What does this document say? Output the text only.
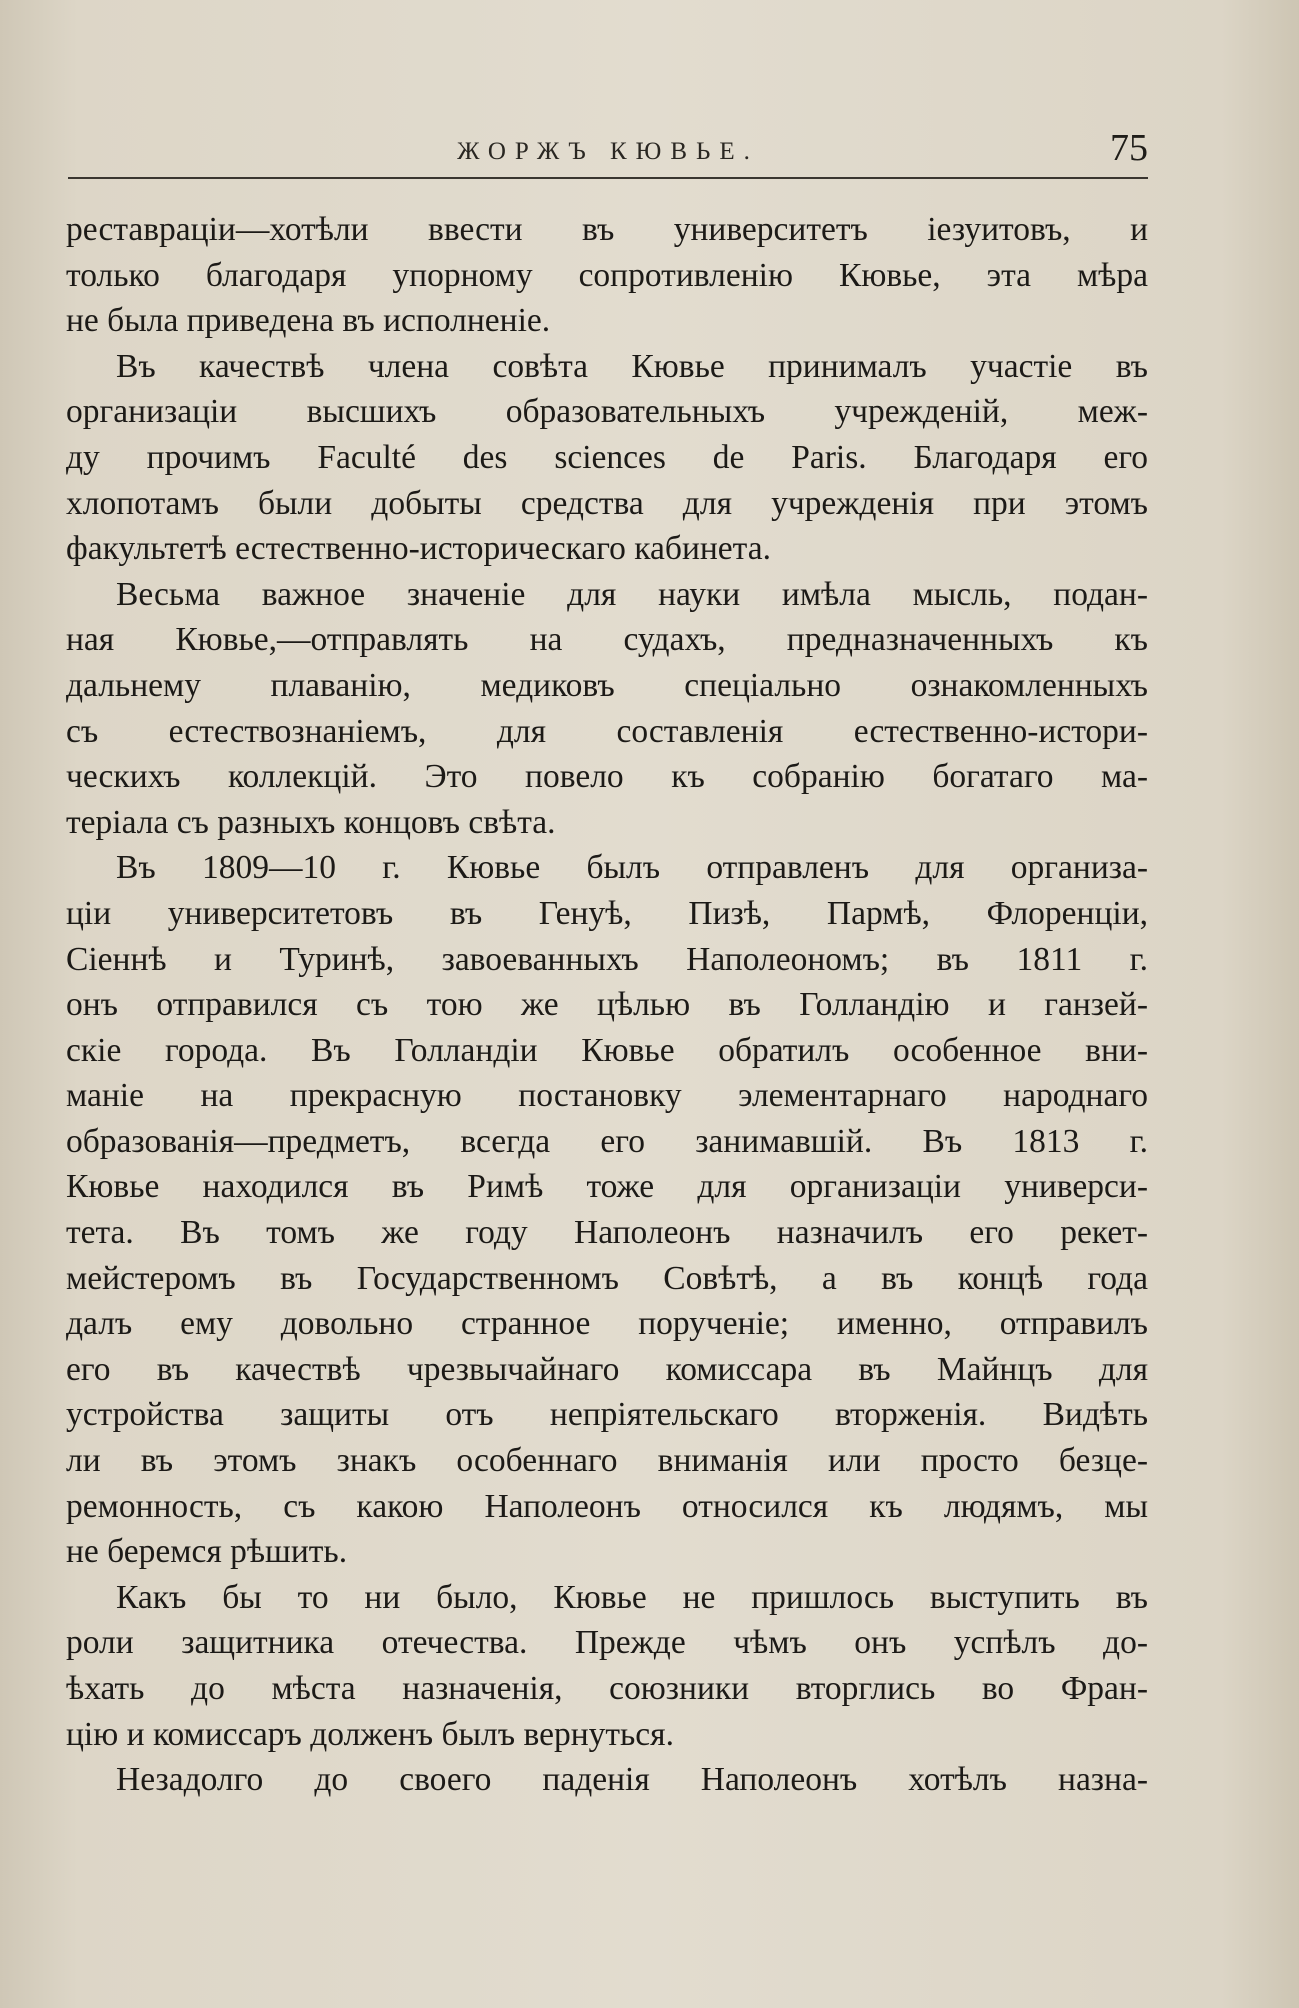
ЖОРЖЪ КЮВЬЕ.	75

реставраціи—хотѣли ввести въ университетъ іезуитовъ, и
только благодаря упорному сопротивленію Кювье, эта мѣра
не была приведена въ исполненіе.

Въ качествѣ члена совѣта Кювье принималъ участіе въ
организаціи высшихъ образовательныхъ учрежденій, меж-
ду прочимъ Faculté des sciences de Paris. Благодаря его
хлопотамъ были добыты средства для учрежденія при этомъ
факультетѣ естественно-историческаго кабинета.

Весьма важное значеніе для науки имѣла мысль, подан-
ная Кювье,—отправлять на судахъ, предназначенныхъ къ
дальнему плаванію, медиковъ спеціально ознакомленныхъ
съ естествознаніемъ, для составленія естественно-истори-
ческихъ коллекцій. Это повело къ собранію богатаго ма-
теріала съ разныхъ концовъ свѣта.

Въ 1809—10 г. Кювье былъ отправленъ для организа-
ціи университетовъ въ Генуѣ, Пизѣ, Пармѣ, Флоренціи,
Сіеннѣ и Туринѣ, завоеванныхъ Наполеономъ; въ 1811 г.
онъ отправился съ тою же цѣлью въ Голландію и ганзей-
скіе города. Въ Голландіи Кювье обратилъ особенное вни-
маніе на прекрасную постановку элементарнаго народнаго
образованія—предметъ, всегда его занимавшій. Въ 1813 г.
Кювье находился въ Римѣ тоже для организаціи универси-
тета. Въ томъ же году Наполеонъ назначилъ его рекет-
мейстеромъ въ Государственномъ Совѣтѣ, а въ концѣ года
далъ ему довольно странное порученіе; именно, отправилъ
его въ качествѣ чрезвычайнаго комиссара въ Майнцъ для
устройства защиты отъ непріятельскаго вторженія. Видѣть
ли въ этомъ знакъ особеннаго вниманія или просто безце-
ремонность, съ какою Наполеонъ относился къ людямъ, мы
не беремся рѣшить.

Какъ бы то ни было, Кювье не пришлось выступить въ
роли защитника отечества. Прежде чѣмъ онъ успѣлъ до-
ѣхать до мѣста назначенія, союзники вторглись во Фран-
цію и комиссаръ долженъ былъ вернуться.

Незадолго до своего паденія Наполеонъ хотѣлъ назна-
